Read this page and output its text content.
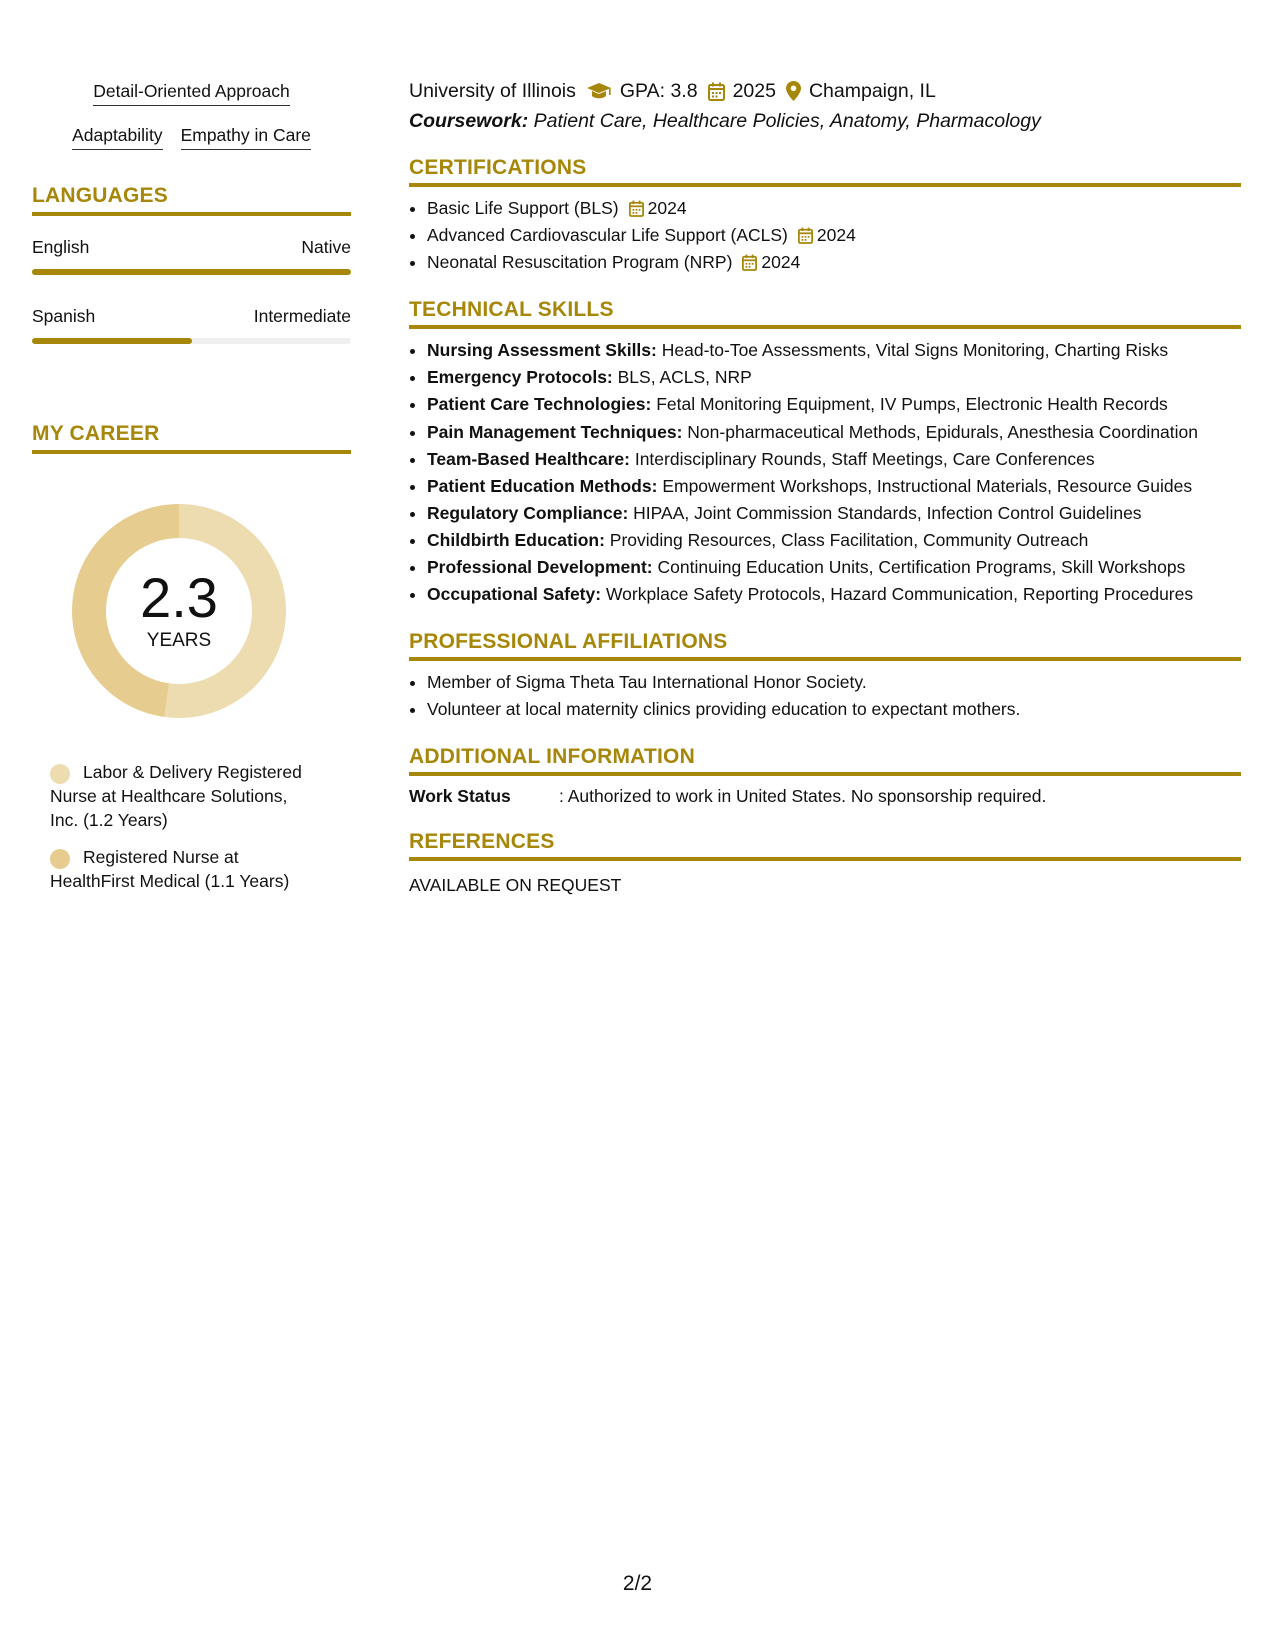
Detail-Oriented Approach
Adaptability Empathy in Care
LANGUAGES
English	Native
Spanish	Intermediate
MY CAREER
2.3
YEARS
Labor & Delivery Registered Nurse at Healthcare Solutions, Inc. (1.2 Years)
Registered Nurse at HealthFirst Medical (1.1 Years)
University of Illinois GPA: 3.8 2025 Champaign, IL
Coursework: Patient Care, Healthcare Policies, Anatomy, Pharmacology
CERTIFICATIONS
• Basic Life Support (BLS) 2024
• Advanced Cardiovascular Life Support (ACLS) 2024
• Neonatal Resuscitation Program (NRP) 2024
TECHNICAL SKILLS
• Nursing Assessment Skills: Head-to-Toe Assessments, Vital Signs Monitoring, Charting Risks
• Emergency Protocols: BLS, ACLS, NRP
• Patient Care Technologies: Fetal Monitoring Equipment, IV Pumps, Electronic Health Records
• Pain Management Techniques: Non-pharmaceutical Methods, Epidurals, Anesthesia Coordination
• Team-Based Healthcare: Interdisciplinary Rounds, Staff Meetings, Care Conferences
• Patient Education Methods: Empowerment Workshops, Instructional Materials, Resource Guides
• Regulatory Compliance: HIPAA, Joint Commission Standards, Infection Control Guidelines
• Childbirth Education: Providing Resources, Class Facilitation, Community Outreach
• Professional Development: Continuing Education Units, Certification Programs, Skill Workshops
• Occupational Safety: Workplace Safety Protocols, Hazard Communication, Reporting Procedures
PROFESSIONAL AFFILIATIONS
• Member of Sigma Theta Tau International Honor Society.
• Volunteer at local maternity clinics providing education to expectant mothers.
ADDITIONAL INFORMATION
Work Status	: Authorized to work in United States. No sponsorship required.
REFERENCES
AVAILABLE ON REQUEST
2/2
